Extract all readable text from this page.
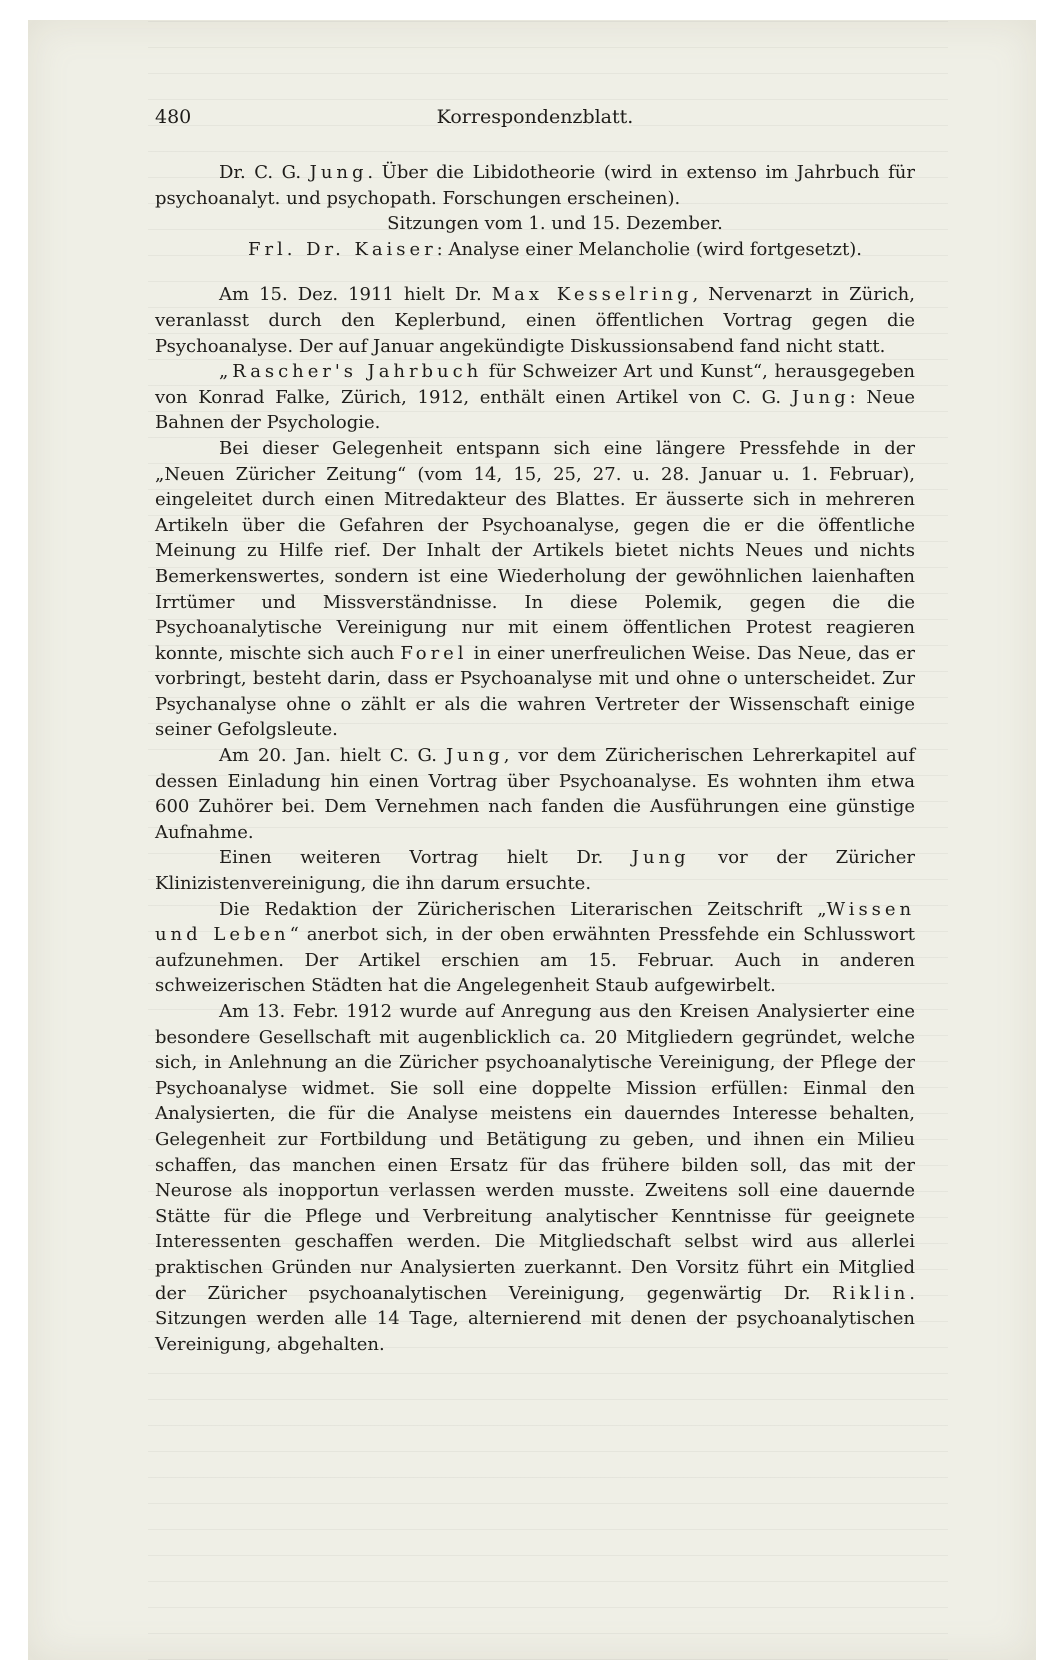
480	Korrespondenzblatt.

Dr. C. G. Jung. Über die Libidotheorie (wird in extenso im Jahrbuch für psychoanalyt. und psychopath. Forschungen erscheinen).

Sitzungen vom 1. und 15. Dezember.

Frl. Dr. Kaiser: Analyse einer Melancholie (wird fortgesetzt).

Am 15. Dez. 1911 hielt Dr. Max Kesselring, Nervenarzt in Zürich, veranlasst durch den Keplerbund, einen öffentlichen Vortrag gegen die Psychoanalyse. Der auf Januar angekündigte Diskussionsabend fand nicht statt.

„Rascher's Jahrbuch für Schweizer Art und Kunst“, herausgegeben von Konrad Falke, Zürich, 1912, enthält einen Artikel von C. G. Jung: Neue Bahnen der Psychologie.

Bei dieser Gelegenheit entspann sich eine längere Pressfehde in der „Neuen Züricher Zeitung“ (vom 14, 15, 25, 27. u. 28. Januar u. 1. Februar), eingeleitet durch einen Mitredakteur des Blattes. Er äusserte sich in mehreren Artikeln über die Gefahren der Psychoanalyse, gegen die er die öffentliche Meinung zu Hilfe rief. Der Inhalt der Artikels bietet nichts Neues und nichts Bemerkenswertes, sondern ist eine Wiederholung der gewöhnlichen laienhaften Irrtümer und Missverständnisse. In diese Polemik, gegen die die Psychoanalytische Vereinigung nur mit einem öffentlichen Protest reagieren konnte, mischte sich auch Forel in einer unerfreulichen Weise. Das Neue, das er vorbringt, besteht darin, dass er Psychoanalyse mit und ohne o unterscheidet. Zur Psychanalyse ohne o zählt er als die wahren Vertreter der Wissenschaft einige seiner Gefolgsleute.

Am 20. Jan. hielt C. G. Jung, vor dem Züricherischen Lehrerkapitel auf dessen Einladung hin einen Vortrag über Psychoanalyse. Es wohnten ihm etwa 600 Zuhörer bei. Dem Vernehmen nach fanden die Ausführungen eine günstige Aufnahme.

Einen weiteren Vortrag hielt Dr. Jung vor der Züricher Klinizistenvereinigung, die ihn darum ersuchte.

Die Redaktion der Züricherischen Literarischen Zeitschrift „Wissen und Leben“ anerbot sich, in der oben erwähnten Pressfehde ein Schlusswort aufzunehmen. Der Artikel erschien am 15. Februar. Auch in anderen schweizerischen Städten hat die Angelegenheit Staub aufgewirbelt.

Am 13. Febr. 1912 wurde auf Anregung aus den Kreisen Analysierter eine besondere Gesellschaft mit augenblicklich ca. 20 Mitgliedern gegründet, welche sich, in Anlehnung an die Züricher psychoanalytische Vereinigung, der Pflege der Psychoanalyse widmet. Sie soll eine doppelte Mission erfüllen: Einmal den Analysierten, die für die Analyse meistens ein dauerndes Interesse behalten, Gelegenheit zur Fortbildung und Betätigung zu geben, und ihnen ein Milieu schaffen, das manchen einen Ersatz für das frühere bilden soll, das mit der Neurose als inopportun verlassen werden musste. Zweitens soll eine dauernde Stätte für die Pflege und Verbreitung analytischer Kenntnisse für geeignete Interessenten geschaffen werden. Die Mitgliedschaft selbst wird aus allerlei praktischen Gründen nur Analysierten zuerkannt. Den Vorsitz führt ein Mitglied der Züricher psychoanalytischen Vereinigung, gegenwärtig Dr. Riklin. Sitzungen werden alle 14 Tage, alternierend mit denen der psychoanalytischen Vereinigung, abgehalten.
